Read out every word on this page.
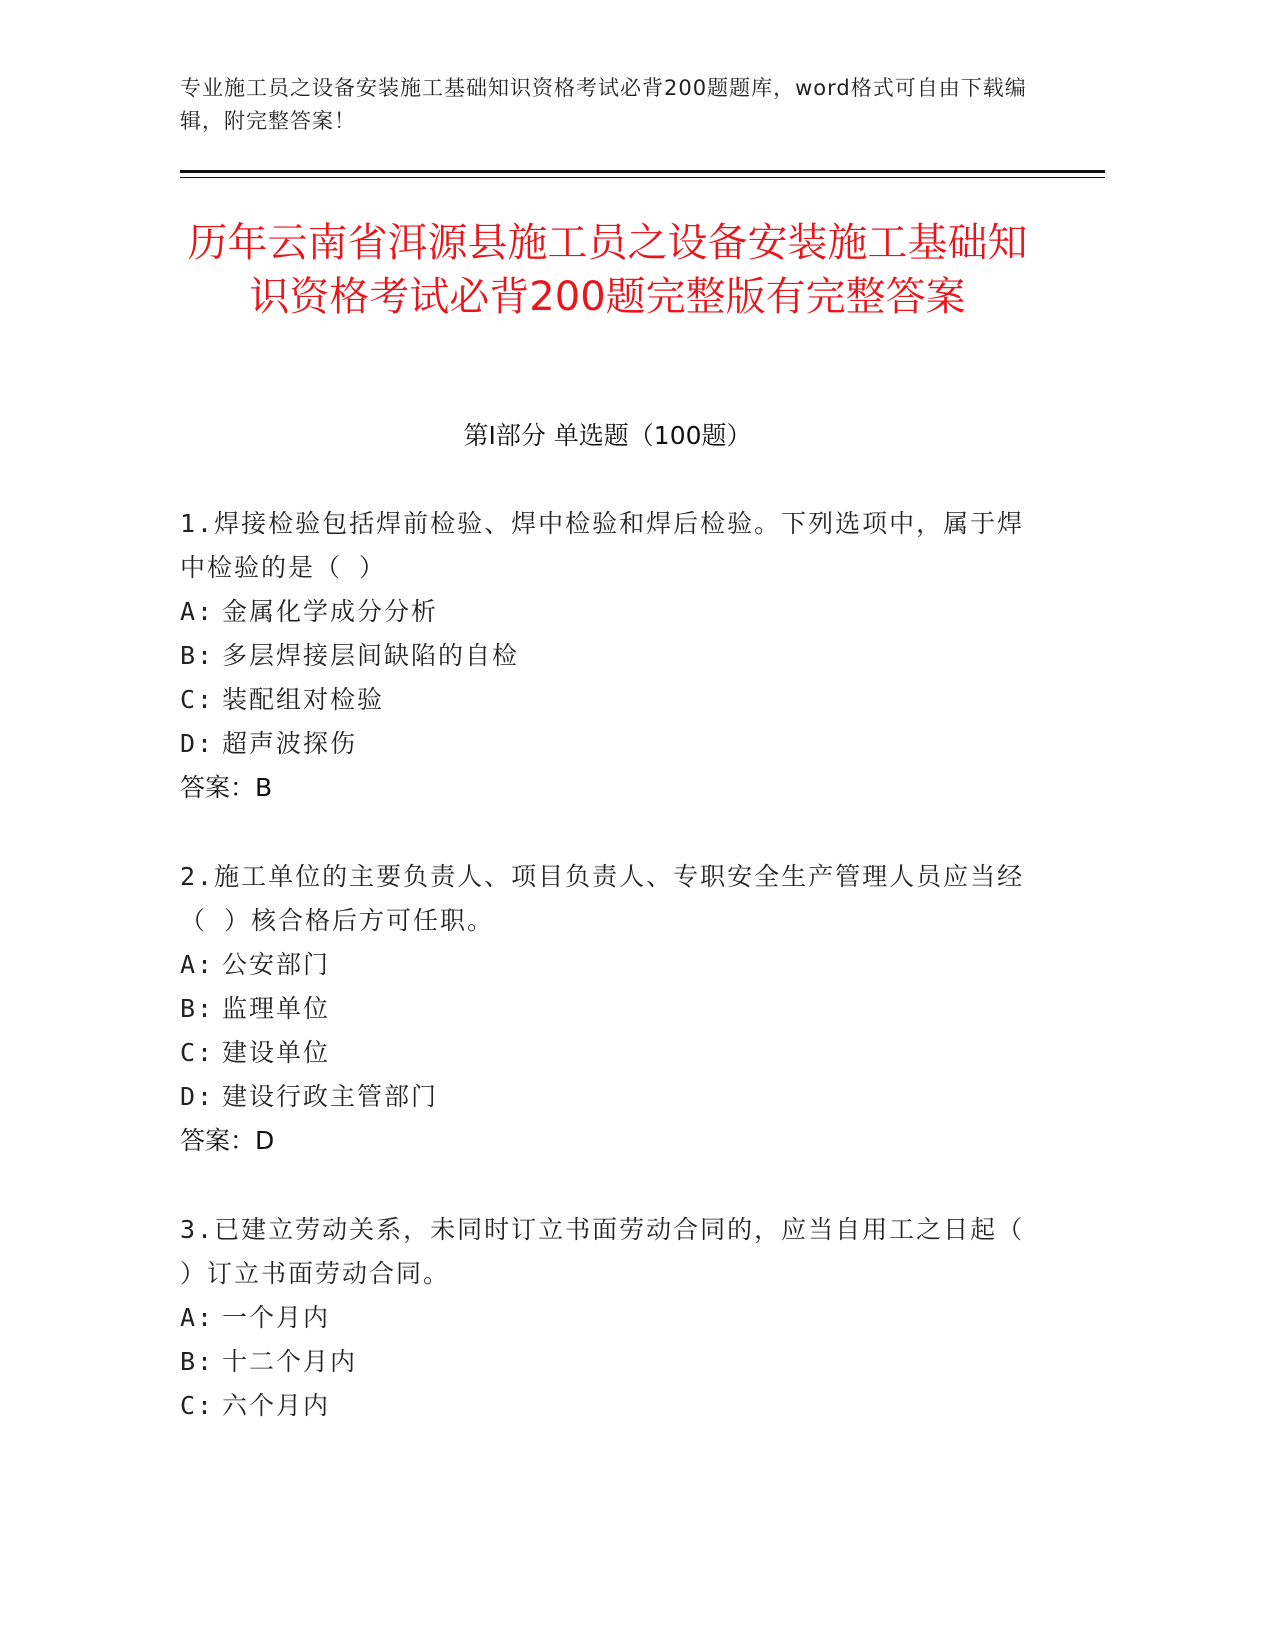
专业施工员之设备安装施工基础知识资格考试必背200题题库，word格式可自由下载编辑，附完整答案！
历年云南省洱源县施工员之设备安装施工基础知识资格考试必背200题完整版有完整答案
第Ⅰ部分 单选题（100题）
1.焊接检验包括焊前检验、焊中检验和焊后检验。下列选项中，属于焊中检验的是（ ）
A: 金属化学成分分析
B: 多层焊接层间缺陷的自检
C: 装配组对检验
D: 超声波探伤
答案：B
2.施工单位的主要负责人、项目负责人、专职安全生产管理人员应当经（ ）核合格后方可任职。
A: 公安部门
B: 监理单位
C: 建设单位
D: 建设行政主管部门
答案：D
3.已建立劳动关系，未同时订立书面劳动合同的，应当自用工之日起（ ）订立书面劳动合同。
A: 一个月内
B: 十二个月内
C: 六个月内
